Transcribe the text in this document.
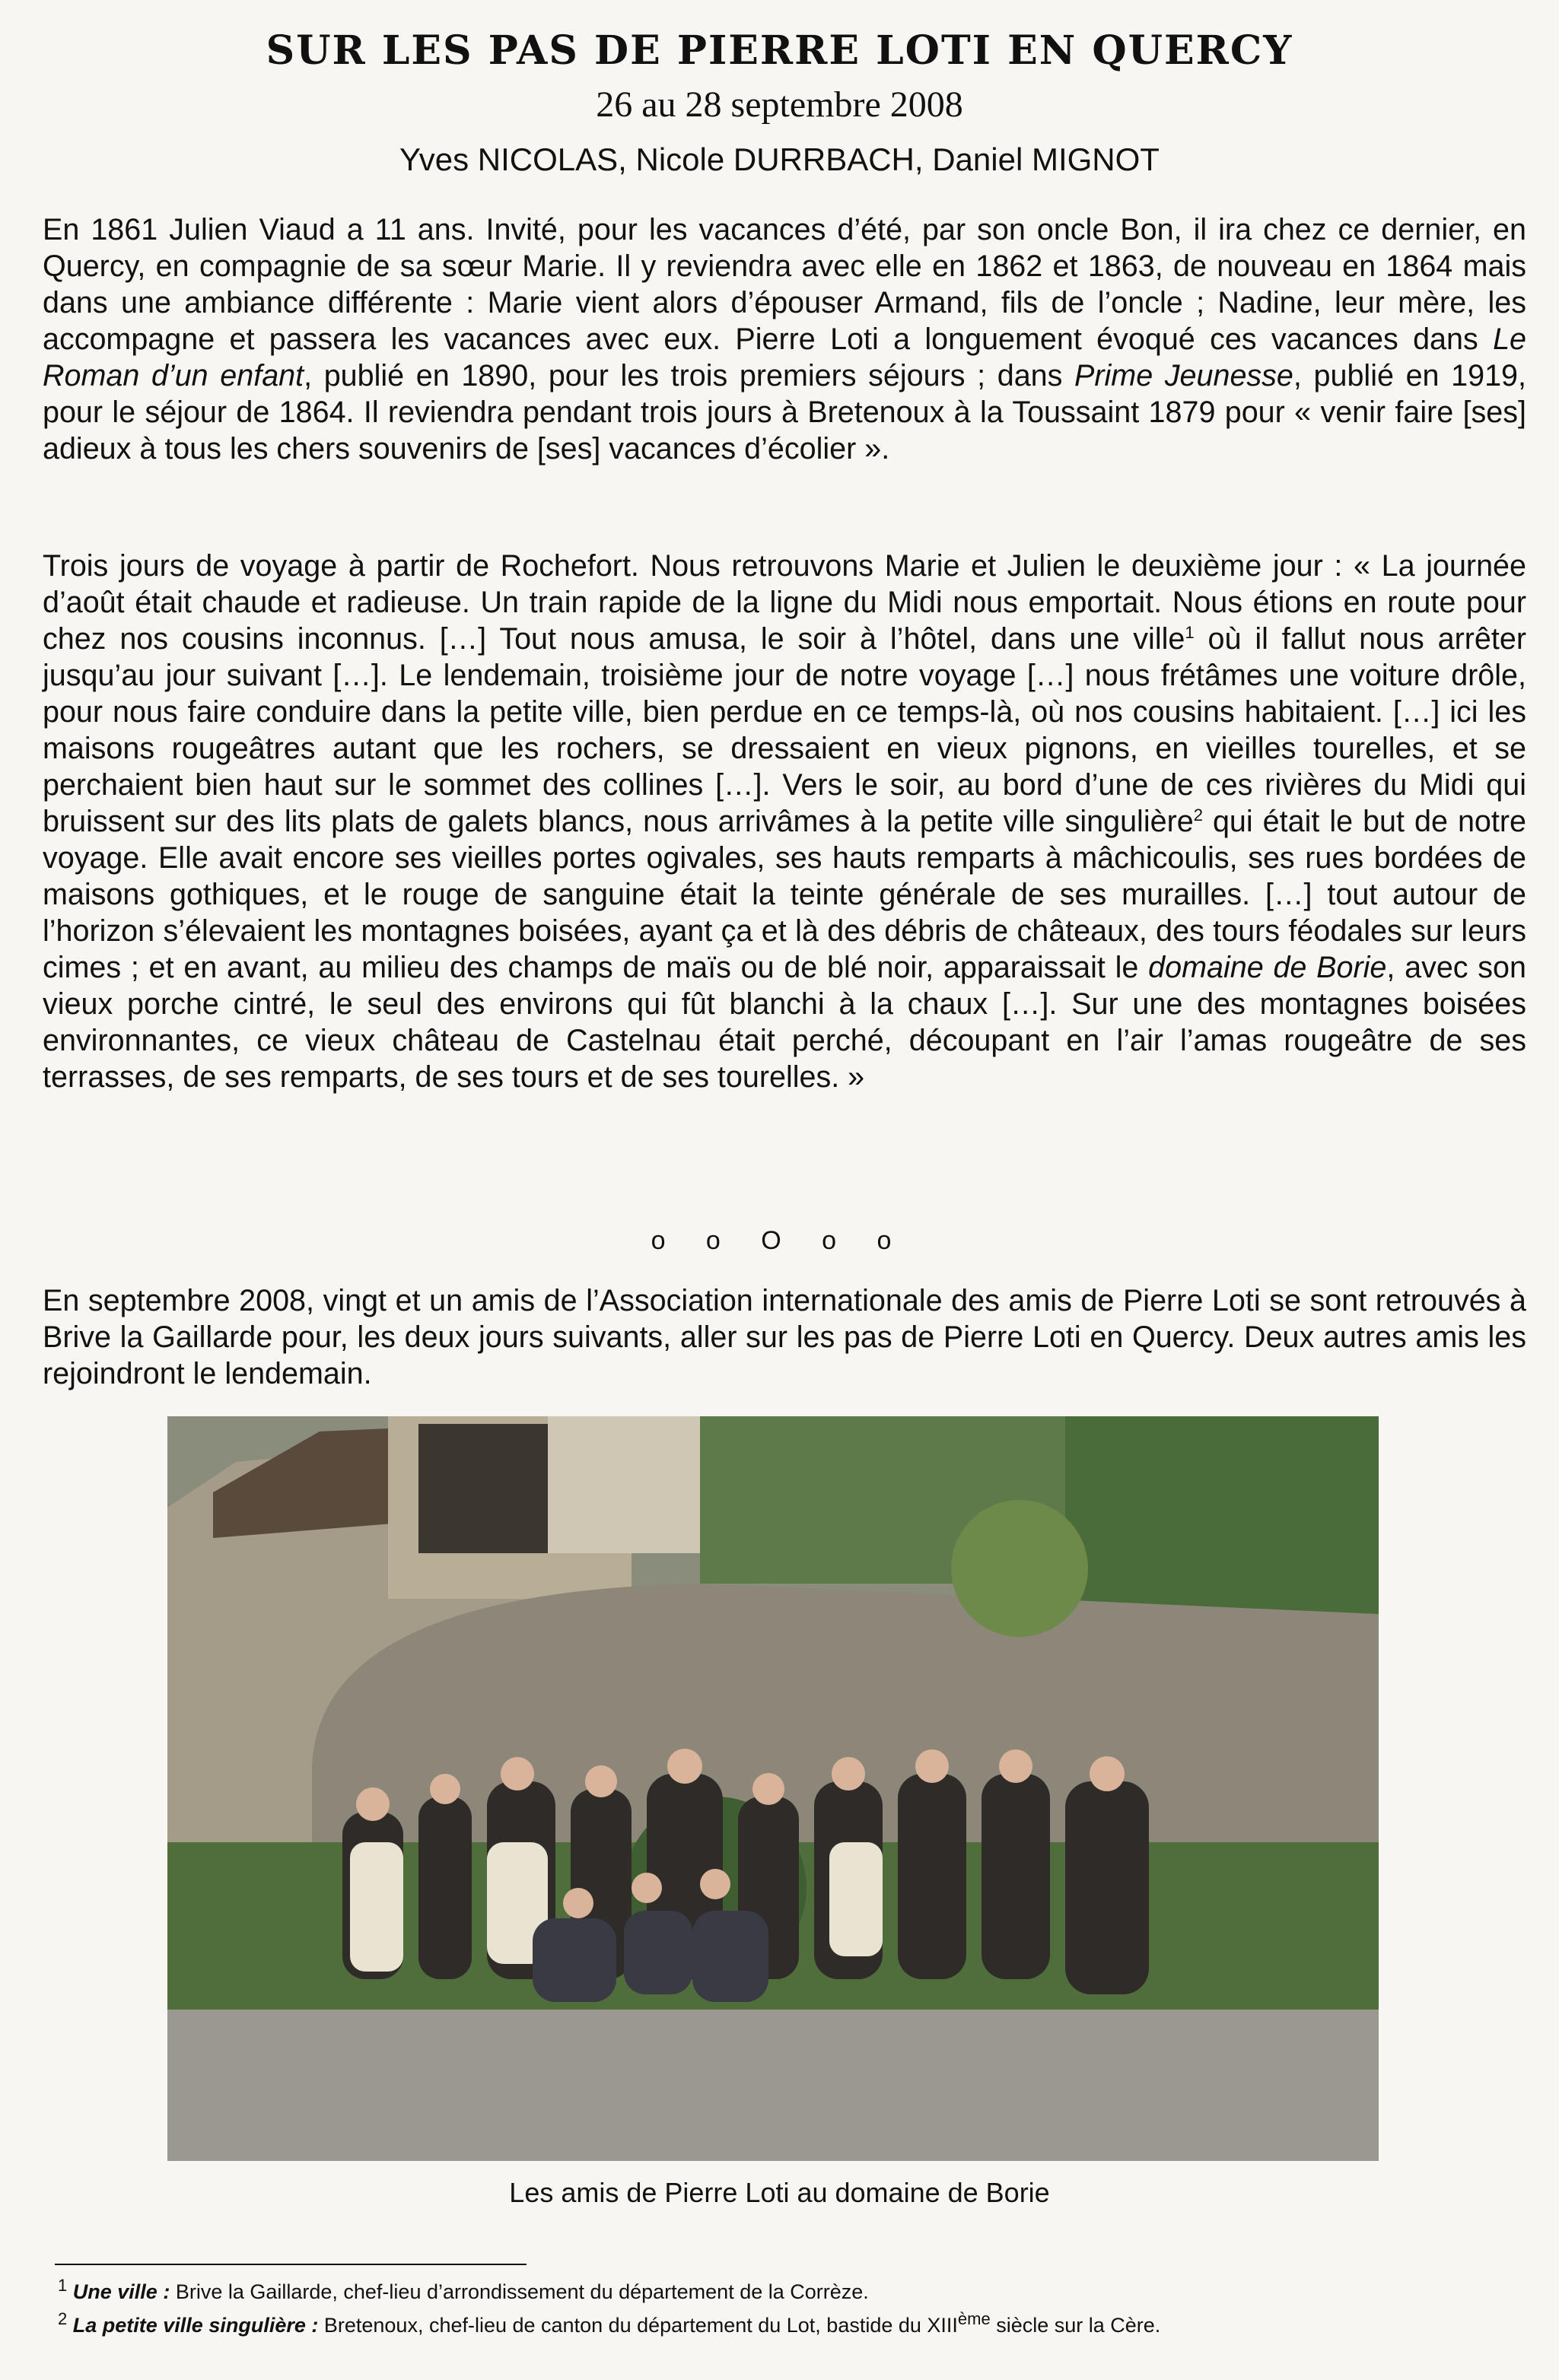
SUR LES PAS DE PIERRE LOTI EN QUERCY
26 au 28 septembre 2008
Yves NICOLAS, Nicole DURRBACH, Daniel MIGNOT

En 1861 Julien Viaud a 11 ans. Invité, pour les vacances d’été, par son oncle Bon, il ira chez ce dernier, en Quercy, en compagnie de sa sœur Marie. Il y reviendra avec elle en 1862 et 1863, de nouveau en 1864 mais dans une ambiance différente : Marie vient alors d’épouser Armand, fils de l’oncle ; Nadine, leur mère, les accompagne et passera les vacances avec eux. Pierre Loti a longuement évoqué ces vacances dans Le Roman d’un enfant, publié en 1890, pour les trois premiers séjours ; dans Prime Jeunesse, publié en 1919, pour le séjour de 1864. Il reviendra pendant trois jours à Bretenoux à la Toussaint 1879 pour « venir faire [ses] adieux à tous les chers souvenirs de [ses] vacances d’écolier ».

Trois jours de voyage à partir de Rochefort. Nous retrouvons Marie et Julien le deuxième jour : « La journée d’août était chaude et radieuse. Un train rapide de la ligne du Midi nous emportait. Nous étions en route pour chez nos cousins inconnus. […] Tout nous amusa, le soir à l’hôtel, dans une ville$^1$ où il fallut nous arrêter jusqu’au jour suivant […]. Le lendemain, troisième jour de notre voyage […] nous frétâmes une voiture drôle, pour nous faire conduire dans la petite ville, bien perdue en ce temps-là, où nos cousins habitaient. […] ici les maisons rougeâtres autant que les rochers, se dressaient en vieux pignons, en vieilles tourelles, et se perchaient bien haut sur le sommet des collines […]. Vers le soir, au bord d’une de ces rivières du Midi qui bruissent sur des lits plats de galets blancs, nous arrivâmes à la petite ville singulière$^2$ qui était le but de notre voyage. Elle avait encore ses vieilles portes ogivales, ses hauts remparts à mâchicoulis, ses rues bordées de maisons gothiques, et le rouge de sanguine était la teinte générale de ses murailles. […] tout autour de l’horizon s’élevaient les montagnes boisées, ayant ça et là des débris de châteaux, des tours féodales sur leurs cimes ; et en avant, au milieu des champs de maïs ou de blé noir, apparaissait le domaine de Borie, avec son vieux porche cintré, le seul des environs qui fût blanchi à la chaux […]. Sur une des montagnes boisées environnantes, ce vieux château de Castelnau était perché, découpant en l’air l’amas rougeâtre de ses terrasses, de ses remparts, de ses tours et de ses tourelles. »

o o O o o

En septembre 2008, vingt et un amis de l’Association internationale des amis de Pierre Loti se sont retrouvés à Brive la Gaillarde pour, les deux jours suivants, aller sur les pas de Pierre Loti en Quercy. Deux autres amis les rejoindront le lendemain.

Les amis de Pierre Loti au domaine de Borie
$^1$ Une ville : Brive la Gaillarde, chef-lieu d’arrondissement du département de la Corrèze.
$^2$ La petite ville singulière : Bretenoux, chef-lieu de canton du département du Lot, bastide du XIIIème siècle sur la Cère.
